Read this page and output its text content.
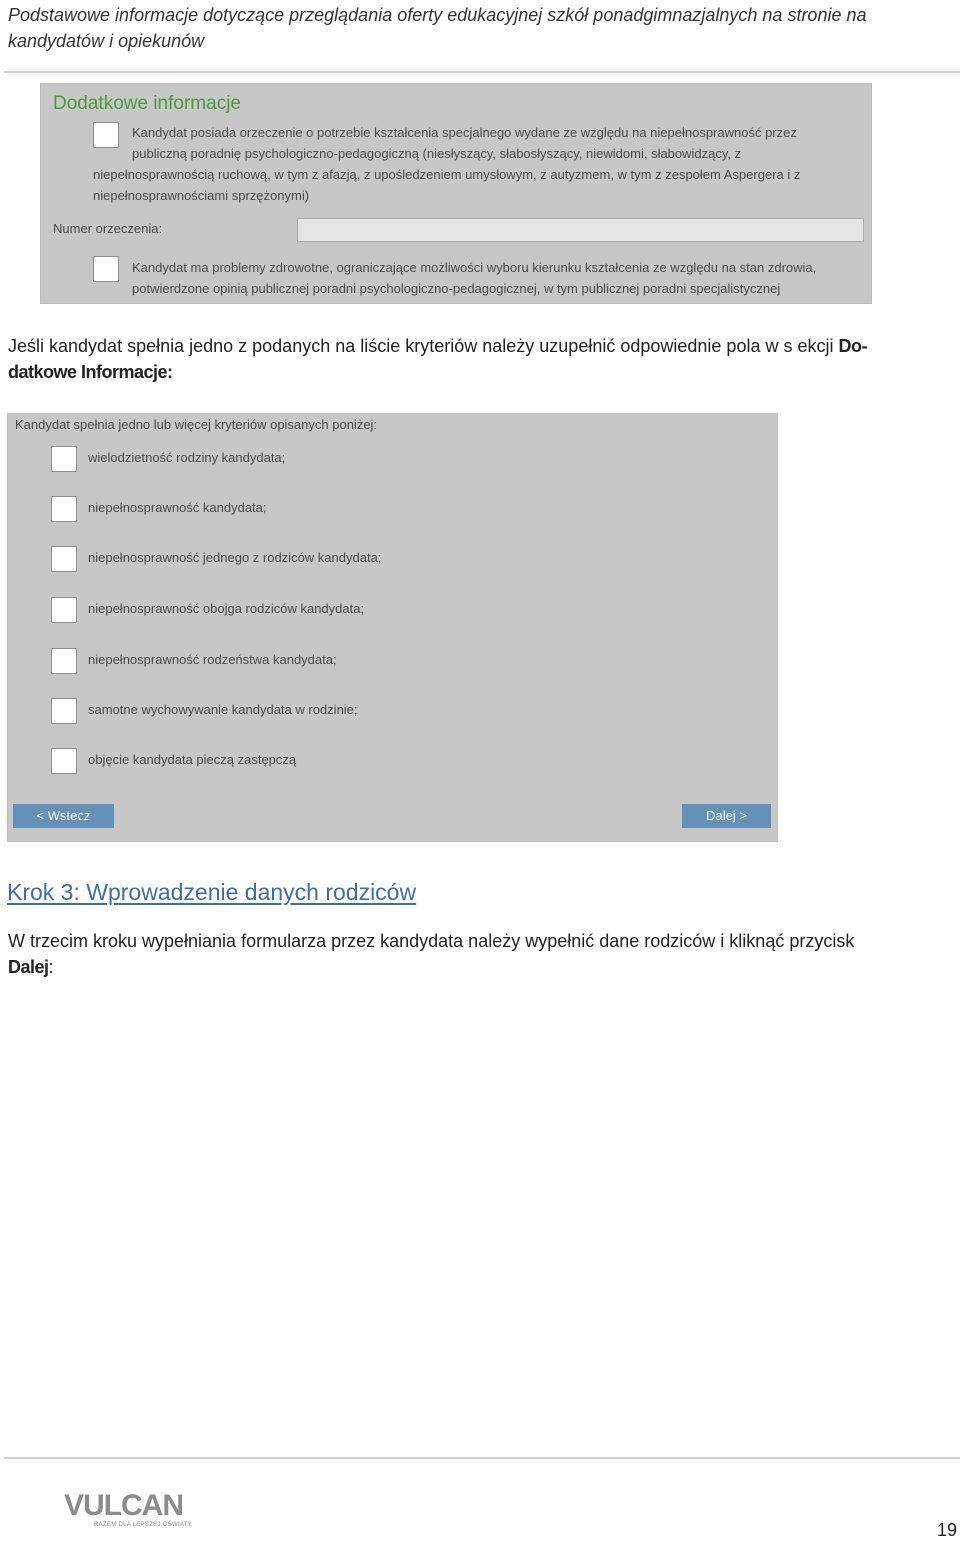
Podstawowe informacje dotyczące przeglądania oferty edukacyjnej szkół ponadgimnazjalnych na stronie na kandydatów i opiekunów
Dodatkowe informacje
Kandydat posiada orzeczenie o potrzebie kształcenia specjalnego wydane ze względu na niepełnosprawność przez
publiczną poradnię psychologiczno-pedagogiczną (niesłyszący, słabosłyszący, niewidomi, słabowidzący, z
niepełnosprawnością ruchową, w tym z afazją, z upośledzeniem umysłowym, z autyzmem, w tym z zespołem Aspergera i z
niepełnosprawnościami sprzężonymi)
Numer orzeczenia:
Kandydat ma problemy zdrowotne, ograniczające możliwości wyboru kierunku kształcenia ze względu na stan zdrowia,
potwierdzone opinią publicznej poradni psychologiczno-pedagogicznej, w tym publicznej poradni specjalistycznej
Jeśli kandydat spełnia jedno z podanych na liście kryteriów należy uzupełnić odpowiednie pola w s ekcji Do-
datkowe Informacje:
Kandydat spełnia jedno lub więcej kryteriów opisanych poniżej:
wielodzietność rodziny kandydata;
niepełnosprawność kandydata;
niepełnosprawność jednego z rodziców kandydata;
niepełnosprawność obojga rodziców kandydata;
niepełnosprawność rodzeństwa kandydata;
samotne wychowywanie kandydata w rodzinie;
objęcie kandydata pieczą zastępczą
< Wstecz	Dalej >
Krok 3: Wprowadzenie danych rodziców
W trzecim kroku wypełniania formularza przez kandydata należy wypełnić dane rodziców i kliknąć przycisk
Dalej:
VULCAN
RAZEM DLA LEPSZEJ OŚWIATY	19
